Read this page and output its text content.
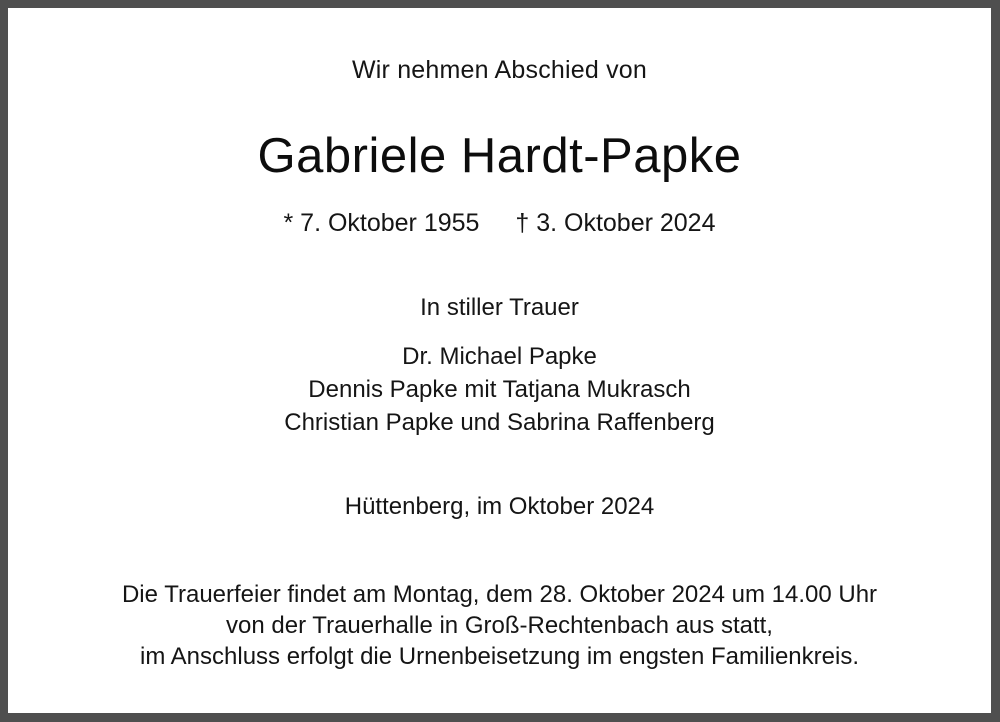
Wir nehmen Abschied von
Gabriele Hardt-Papke
* 7. Oktober 1955 † 3. Oktober 2024
In stiller Trauer
Dr. Michael Papke
Dennis Papke mit Tatjana Mukrasch
Christian Papke und Sabrina Raffenberg
Hüttenberg, im Oktober 2024
Die Trauerfeier findet am Montag, dem 28. Oktober 2024 um 14.00 Uhr
von der Trauerhalle in Groß-Rechtenbach aus statt,
im Anschluss erfolgt die Urnenbeisetzung im engsten Familienkreis.
